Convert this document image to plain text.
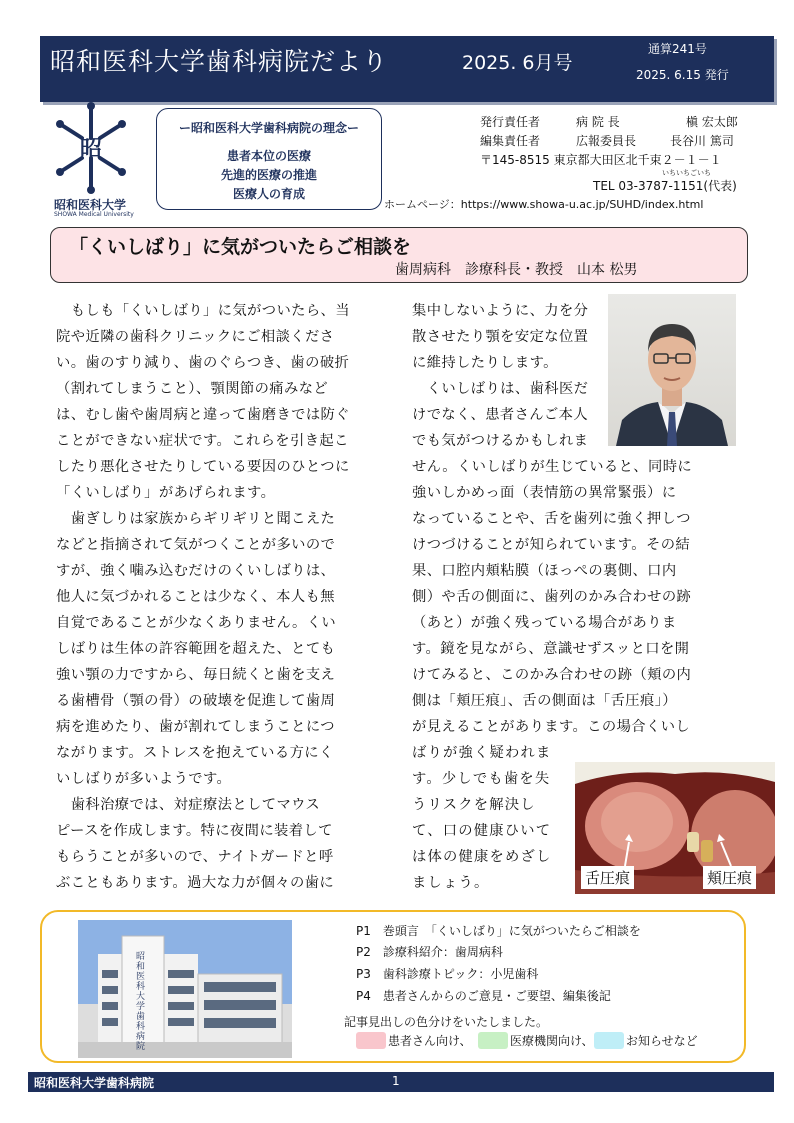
昭和医科大学歯科病院だより	2025. 6月号
通算241号
2025. 6.15 発行
昭
昭和医科大学
SHOWA Medical University
ー昭和医科大学歯科病院の理念ー
患者本位の医療
先進的医療の推進
医療人の育成
発行責任者	病 院 長	槇 宏太郎
編集責任者	広報委員長	長谷川 篤司
〒145-8515 東京都大田区北千束２－１－１
いちいちごいち
TEL 03-3787-1151(代表)
ホームページ：https://www.showa-u.ac.jp/SUHD/index.html
「くいしばり」に気がついたらご相談を
歯周病科　診療科長・教授　山本 松男
　もしも「くいしばり」に気がついたら、当
院や近隣の歯科クリニックにご相談くださ
い。歯のすり減り、歯のぐらつき、歯の破折
（割れてしまうこと）、顎関節の痛みなど
は、むし歯や歯周病と違って歯磨きでは防ぐ
ことができない症状です。これらを引き起こ
したり悪化させたりしている要因のひとつに
「くいしばり」があげられます。
　歯ぎしりは家族からギリギリと聞こえた
などと指摘されて気がつくことが多いので
すが、強く噛み込むだけのくいしばりは、
他人に気づかれることは少なく、本人も無
自覚であることが少なくありません。くい
しばりは生体の許容範囲を超えた、とても
強い顎の力ですから、毎日続くと歯を支え
る歯槽骨（顎の骨）の破壊を促進して歯周
病を進めたり、歯が割れてしまうことにつ
ながります。ストレスを抱えている方にく
いしばりが多いようです。
　歯科治療では、対症療法としてマウス
ピースを作成します。特に夜間に装着して
もらうことが多いので、ナイトガードと呼
ぶこともあります。過大な力が個々の歯に
集中しないように、力を分
散させたり顎を安定な位置
に維持したりします。
　くいしばりは、歯科医だ
けでなく、患者さんご本人
でも気がつけるかもしれま
せん。くいしばりが生じていると、同時に
強いしかめっ面（表情筋の異常緊張）に
なっていることや、舌を歯列に強く押しつ
けつづけることが知られています。その結
果、口腔内頬粘膜（ほっぺの裏側、口内
側）や舌の側面に、歯列のかみ合わせの跡
（あと）が強く残っている場合がありま
す。鏡を見ながら、意識せずスッと口を開
けてみると、このかみ合わせの跡（頬の内
側は「頬圧痕」、舌の側面は「舌圧痕」）
が見えることがあります。この場合くいし
ばりが強く疑われま
す。少しでも歯を失
うリスクを解決し
て、口の健康ひいて
は体の健康をめざし
ましょう。	舌圧痕	頬圧痕
昭和医科大学歯科病院
P1　巻頭言　「くいしばり」に気がついたらご相談を
P2　診療科紹介：歯周病科
P3　歯科診療トピック：小児歯科
P4　患者さんからのご意見・ご要望、編集後記
記事見出しの色分けをいたしました。
患者さん向け、	医療機関向け、	お知らせなど
昭和医科大学歯科病院	1
